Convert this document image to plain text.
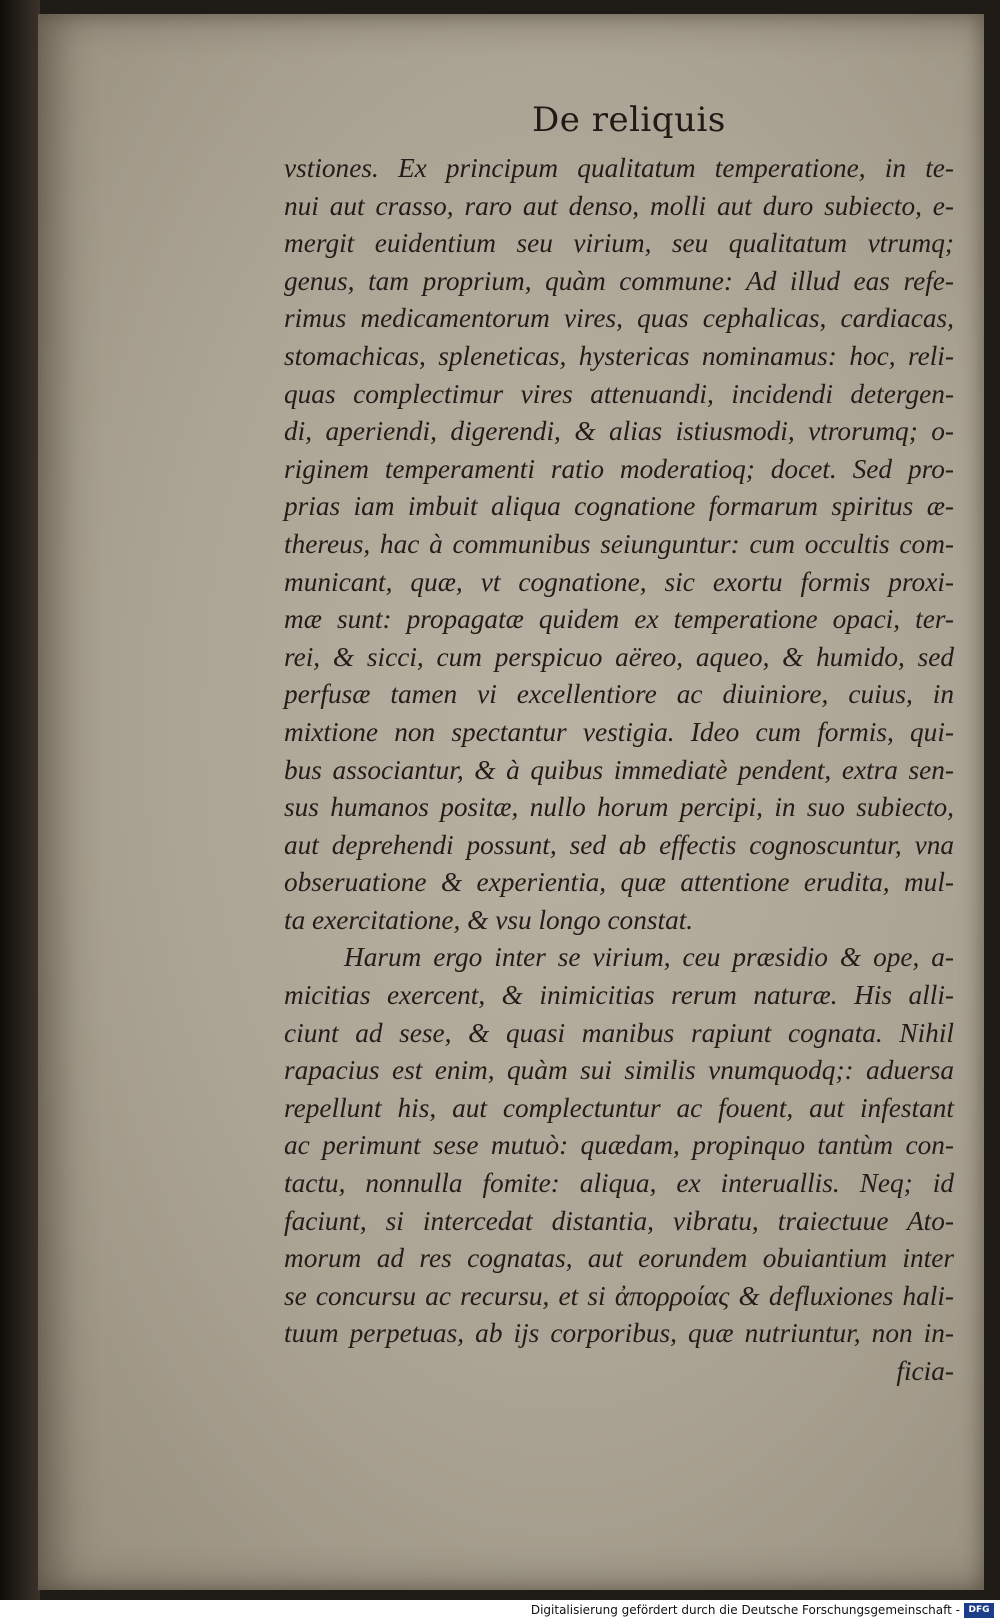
De reliquis
vstiones. Ex principum qualitatum temperatione, in te-
nui aut crasso, raro aut denso, molli aut duro subiecto, e-
mergit euidentium seu virium, seu qualitatum vtrumq;
genus, tam proprium, quàm commune: Ad illud eas refe-
rimus medicamentorum vires, quas cephalicas, cardiacas,
stomachicas, spleneticas, hystericas nominamus: hoc, reli-
quas complectimur vires attenuandi, incidendi detergen-
di, aperiendi, digerendi, & alias istiusmodi, vtrorumq; o-
riginem temperamenti ratio moderatioq; docet. Sed pro-
prias iam imbuit aliqua cognatione formarum spiritus æ-
thereus, hac à communibus seiunguntur: cum occultis com-
municant, quæ, vt cognatione, sic exortu formis proxi-
mæ sunt: propagatæ quidem ex temperatione opaci, ter-
rei, & sicci, cum perspicuo aëreo, aqueo, & humido, sed
perfusæ tamen vi excellentiore ac diuiniore, cuius, in
mixtione non spectantur vestigia. Ideo cum formis, qui-
bus associantur, & à quibus immediatè pendent, extra sen-
sus humanos positæ, nullo horum percipi, in suo subiecto,
aut deprehendi possunt, sed ab effectis cognoscuntur, vna
obseruatione & experientia, quæ attentione erudita, mul-
ta exercitatione, & vsu longo constat.
Harum ergo inter se virium, ceu præsidio & ope, a-
micitias exercent, & inimicitias rerum naturæ. His alli-
ciunt ad sese, & quasi manibus rapiunt cognata. Nihil
rapacius est enim, quàm sui similis vnumquodq;: aduersa
repellunt his, aut complectuntur ac fouent, aut infestant
ac perimunt sese mutuò: quædam, propinquo tantùm con-
tactu, nonnulla fomite: aliqua, ex interuallis. Neq; id
faciunt, si intercedat distantia, vibratu, traiectuue Ato-
morum ad res cognatas, aut eorundem obuiantium inter
se concursu ac recursu, et si ἀπορροίας & defluxiones hali-
tuum perpetuas, ab ijs corporibus, quæ nutriuntur, non in-
ficia-
Digitalisierung gefördert durch die Deutsche Forschungsgemeinschaft - DFG
